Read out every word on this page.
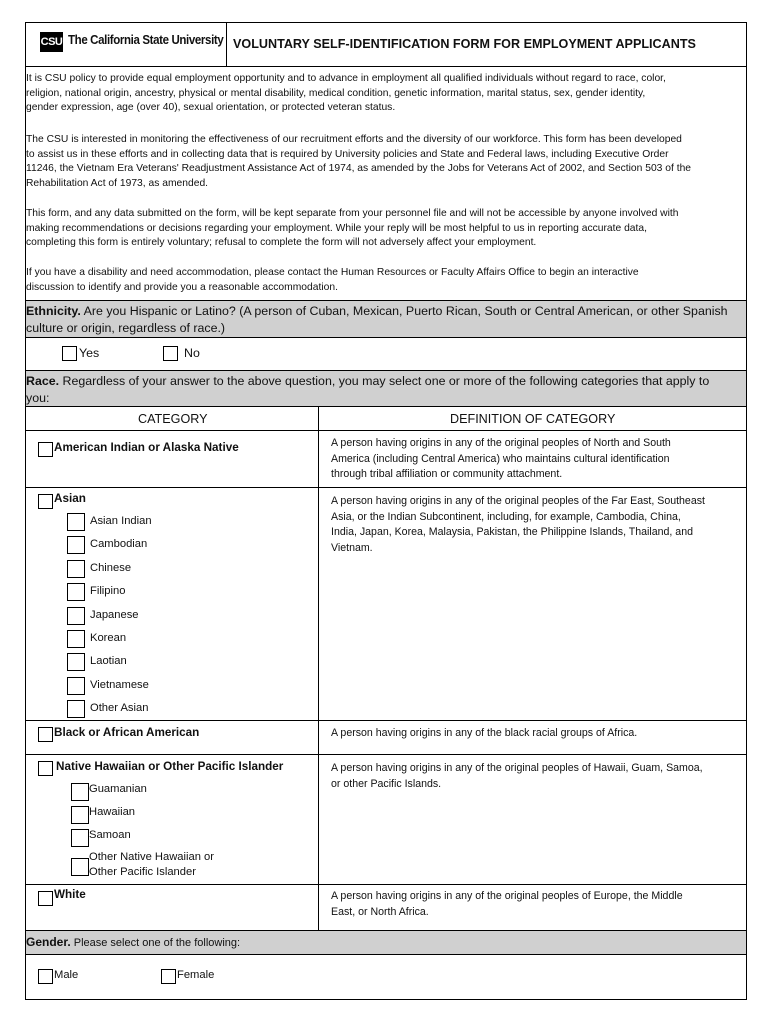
CSU The California State University VOLUNTARY SELF-IDENTIFICATION FORM FOR EMPLOYMENT APPLICANTS
It is CSU policy to provide equal employment opportunity and to advance in employment all qualified individuals without regard to race, color,
religion, national origin, ancestry, physical or mental disability, medical condition, genetic information, marital status, sex, gender identity,
gender expression, age (over 40), sexual orientation, or protected veteran status.
The CSU is interested in monitoring the effectiveness of our recruitment efforts and the diversity of our workforce. This form has been developed
to assist us in these efforts and in collecting data that is required by University policies and State and Federal laws, including Executive Order
11246, the Vietnam Era Veterans' Readjustment Assistance Act of 1974, as amended by the Jobs for Veterans Act of 2002, and Section 503 of the
Rehabilitation Act of 1973, as amended.
This form, and any data submitted on the form, will be kept separate from your personnel file and will not be accessible by anyone involved with
making recommendations or decisions regarding your employment. While your reply will be most helpful to us in reporting accurate data,
completing this form is entirely voluntary; refusal to complete the form will not adversely affect your employment.
If you have a disability and need accommodation, please contact the Human Resources or Faculty Affairs Office to begin an interactive
discussion to identify and provide you a reasonable accommodation.
Ethnicity. Are you Hispanic or Latino? (A person of Cuban, Mexican, Puerto Rican, South or Central American, or other Spanish
culture or origin, regardless of race.)
Yes	No
Race. Regardless of your answer to the above question, you may select one or more of the following categories that apply to
you:
CATEGORY	DEFINITION OF CATEGORY
American Indian or Alaska Native	A person having origins in any of the original peoples of North and South
America (including Central America) who maintains cultural identification
through tribal affiliation or community attachment.
Asian	A person having origins in any of the original peoples of the Far East, Southeast
Asia, or the Indian Subcontinent, including, for example, Cambodia, China,
India, Japan, Korea, Malaysia, Pakistan, the Philippine Islands, Thailand, and
Vietnam.
Asian Indian
Cambodian
Chinese
Filipino
Japanese
Korean
Laotian
Vietnamese
Other Asian
Black or African American	A person having origins in any of the black racial groups of Africa.
Native Hawaiian or Other Pacific Islander	A person having origins in any of the original peoples of Hawaii, Guam, Samoa,
or other Pacific Islands.
Guamanian
Hawaiian
Samoan
Other Native Hawaiian or
Other Pacific Islander
White	A person having origins in any of the original peoples of Europe, the Middle
East, or North Africa.
Gender. Please select one of the following:
Male	Female
